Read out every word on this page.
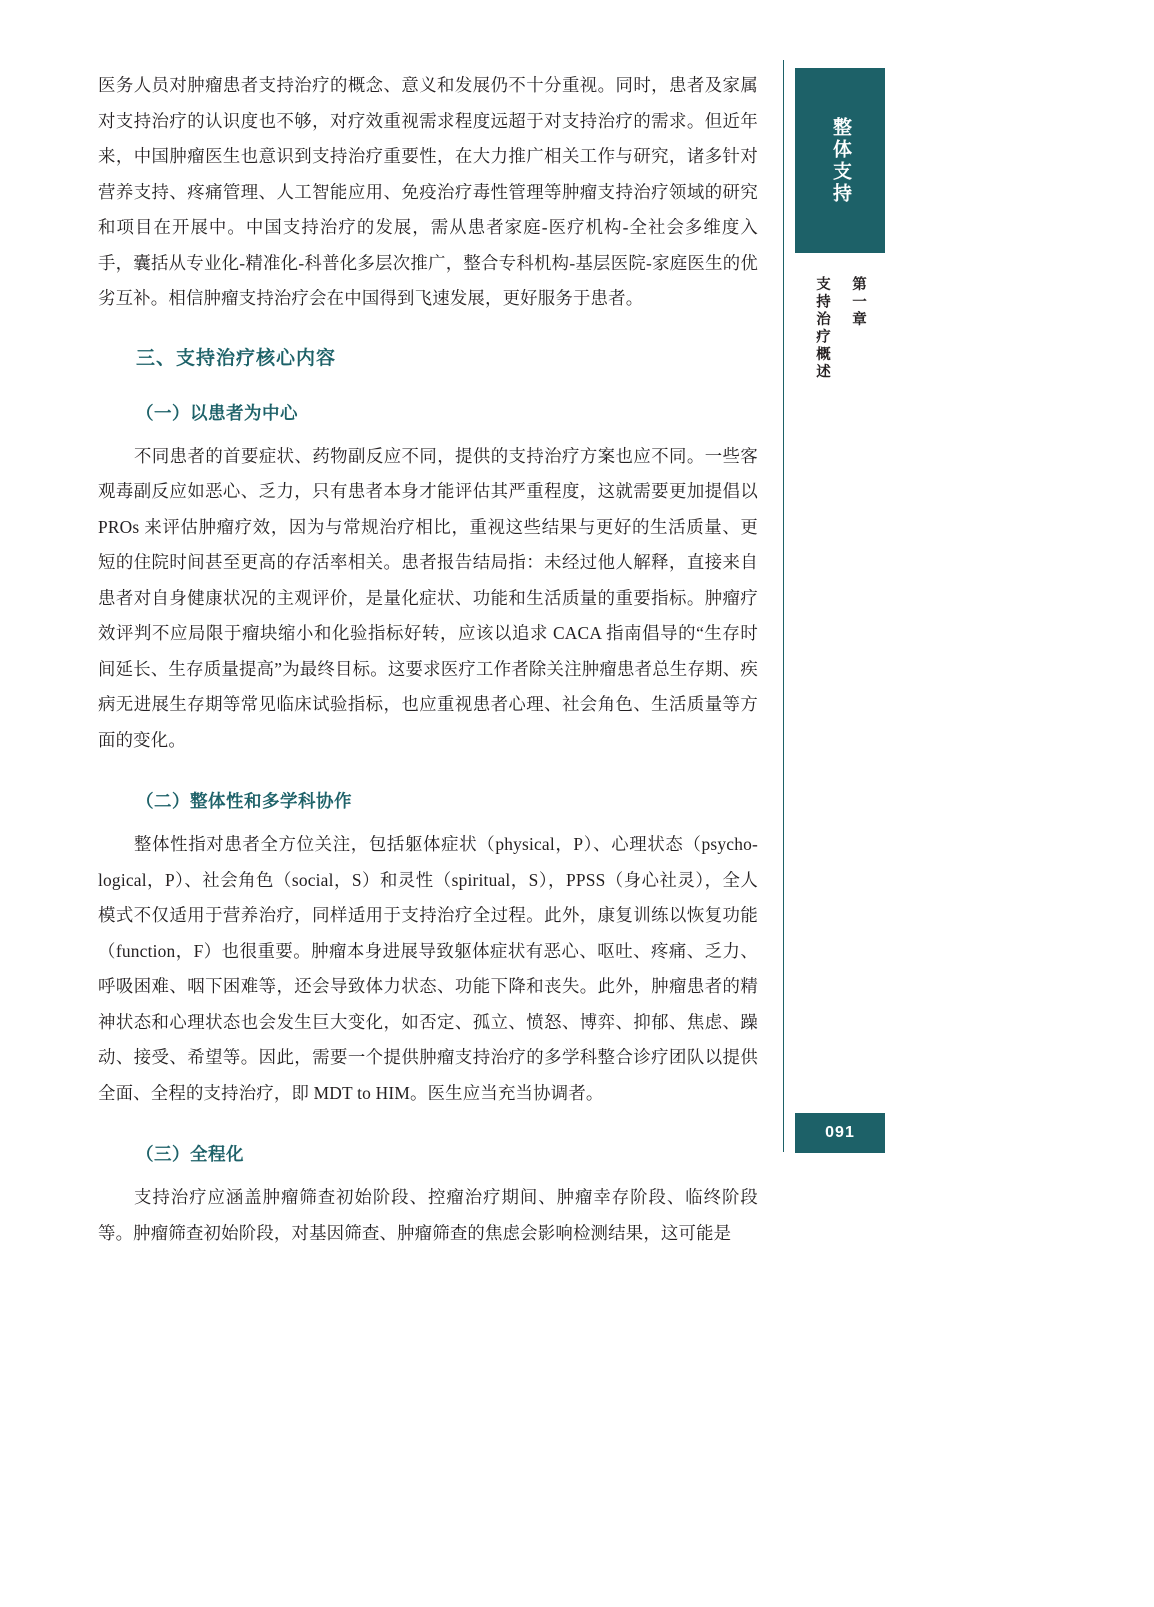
医务人员对肿瘤患者支持治疗的概念、意义和发展仍不十分重视。同时，患者及家属对支持治疗的认识度也不够，对疗效重视需求程度远超于对支持治疗的需求。但近年来，中国肿瘤医生也意识到支持治疗重要性，在大力推广相关工作与研究，诸多针对营养支持、疼痛管理、人工智能应用、免疫治疗毒性管理等肿瘤支持治疗领域的研究和项目在开展中。中国支持治疗的发展，需从患者家庭-医疗机构-全社会多维度入手，囊括从专业化-精准化-科普化多层次推广，整合专科机构-基层医院-家庭医生的优劣互补。相信肿瘤支持治疗会在中国得到飞速发展，更好服务于患者。

三、支持治疗核心内容
（一）以患者为中心

不同患者的首要症状、药物副反应不同，提供的支持治疗方案也应不同。一些客观毒副反应如恶心、乏力，只有患者本身才能评估其严重程度，这就需要更加提倡以 PROs 来评估肿瘤疗效，因为与常规治疗相比，重视这些结果与更好的生活质量、更短的住院时间甚至更高的存活率相关。患者报告结局指：未经过他人解释，直接来自患者对自身健康状况的主观评价，是量化症状、功能和生活质量的重要指标。肿瘤疗效评判不应局限于瘤块缩小和化验指标好转，应该以追求 CACA 指南倡导的“生存时间延长、生存质量提高”为最终目标。这要求医疗工作者除关注肿瘤患者总生存期、疾病无进展生存期等常见临床试验指标，也应重视患者心理、社会角色、生活质量等方面的变化。

（二）整体性和多学科协作

整体性指对患者全方位关注，包括躯体症状（physical，P）、心理状态（psycho-logical，P）、社会角色（social，S）和灵性（spiritual，S），PPSS（身心社灵），全人模式不仅适用于营养治疗，同样适用于支持治疗全过程。此外，康复训练以恢复功能（function，F）也很重要。肿瘤本身进展导致躯体症状有恶心、呕吐、疼痛、乏力、呼吸困难、咽下困难等，还会导致体力状态、功能下降和丧失。此外，肿瘤患者的精神状态和心理状态也会发生巨大变化，如否定、孤立、愤怒、博弈、抑郁、焦虑、躁动、接受、希望等。因此，需要一个提供肿瘤支持治疗的多学科整合诊疗团队以提供全面、全程的支持治疗，即 MDT to HIM。医生应当充当协调者。

（三）全程化

支持治疗应涵盖肿瘤筛查初始阶段、控瘤治疗期间、肿瘤幸存阶段、临终阶段等。肿瘤筛查初始阶段，对基因筛查、肿瘤筛查的焦虑会影响检测结果，这可能是

整体支持
第一章
支持治疗概述
091
